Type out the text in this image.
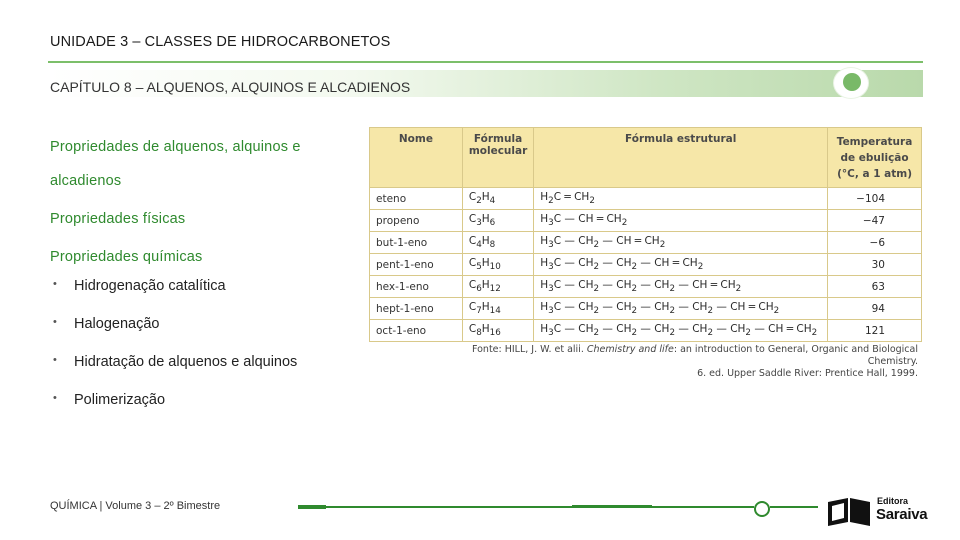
UNIDADE 3 – CLASSES DE HIDROCARBONETOS
CAPÍTULO 8 – ALQUENOS, ALQUINOS E ALCADIENOS
Propriedades de alquenos, alquinos e alcadienos
Propriedades físicas
Propriedades químicas
• Hidrogenação catalítica
• Halogenação
• Hidratação de alquenos e alquinos
• Polimerização
Nome	Fórmula molecular	Fórmula estrutural	Temperatura de ebulição (°C, a 1 atm)
eteno	$C_2H_4$	$H_2C$ ═ $CH_2$	−104
propeno	$C_3H_6$	$H_3C$ — CH ═ $CH_2$	−47
but-1-eno	$C_4H_8$	$H_3C$ — $CH_2$ — CH ═ $CH_2$	−6
pent-1-eno	$C_5H_{10}$	$H_3C$ — $CH_2$ — $CH_2$ — CH ═ $CH_2$	30
hex-1-eno	$C_6H_{12}$	$H_3C$ — $CH_2$ — $CH_2$ — $CH_2$ — CH ═ $CH_2$	63
hept-1-eno	$C_7H_{14}$	$H_3C$ — $CH_2$ — $CH_2$ — $CH_2$ — $CH_2$ — CH ═ $CH_2$	94
oct-1-eno	$C_8H_{16}$	$H_3C$ — $CH_2$ — $CH_2$ — $CH_2$ — $CH_2$ — $CH_2$ — CH ═ $CH_2$	121
Fonte: HILL, J. W. et alii. Chemistry and life: an introduction to General, Organic and Biological Chemistry.
6. ed. Upper Saddle River: Prentice Hall, 1999.
QUÍMICA | Volume 3 – 2º Bimestre	Editora
Saraiva
